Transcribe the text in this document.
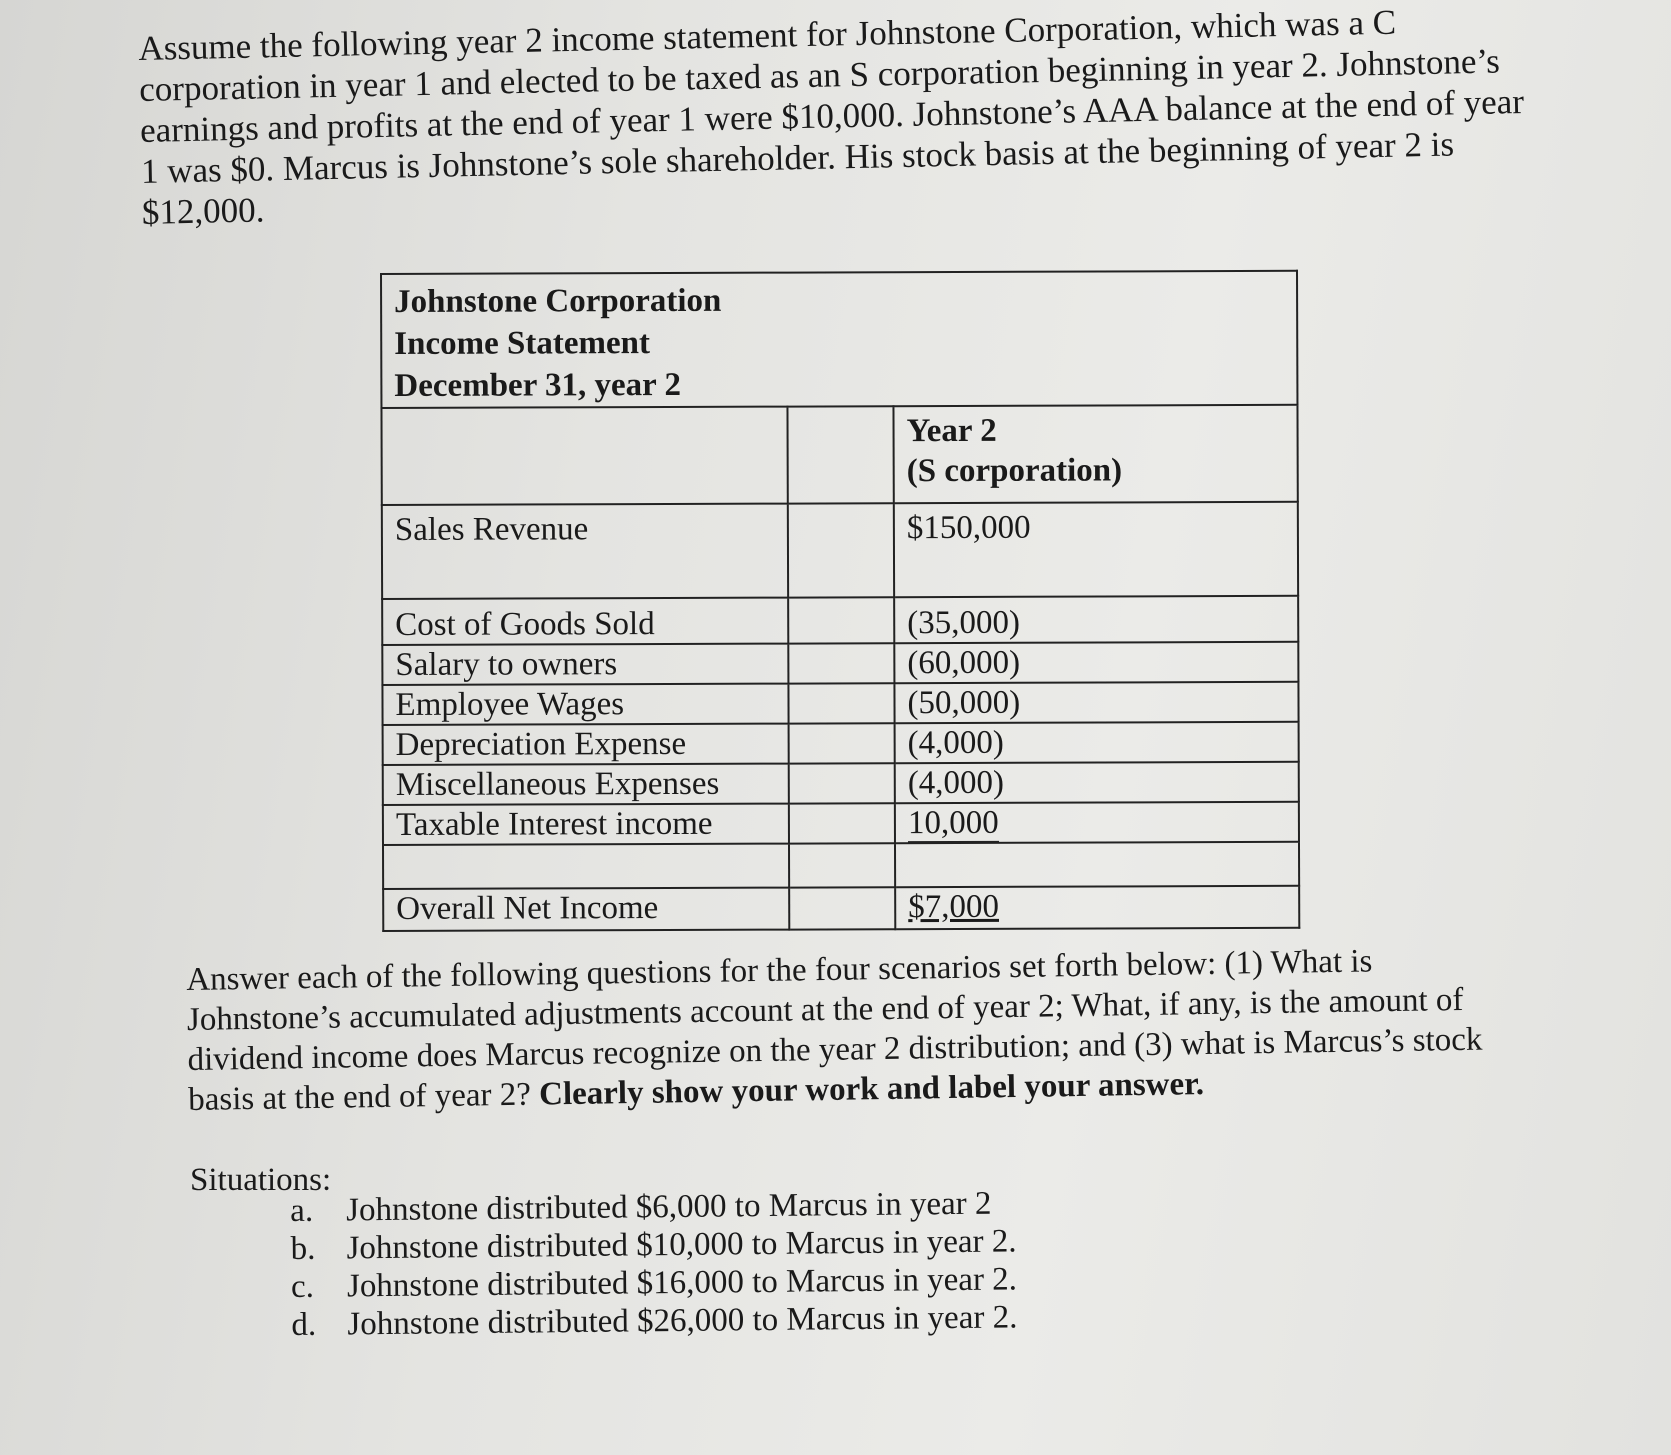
Assume the following year 2 income statement for Johnstone Corporation, which was a C corporation in year 1 and elected to be taxed as an S corporation beginning in year 2. Johnstone’s earnings and profits at the end of year 1 were $10,000. Johnstone’s AAA balance at the end of year 1 was $0. Marcus is Johnstone’s sole shareholder. His stock basis at the beginning of year 2 is $12,000.

Johnstone Corporation
Income Statement
December 31, year 2		

		Year 2
(S corporation)

Sales Revenue		$150,000
Cost of Goods Sold		(35,000)
Salary to owners		(60,000)
Employee Wages		(50,000)
Depreciation Expense		(4,000)
Miscellaneous Expenses		(4,000)
Taxable Interest income		10,000

Overall Net Income		$7,000

Answer each of the following questions for the four scenarios set forth below: (1) What is Johnstone’s accumulated adjustments account at the end of year 2; What, if any, is the amount of dividend income does Marcus recognize on the year 2 distribution; and (3) what is Marcus’s stock basis at the end of year 2? Clearly show your work and label your answer.

Situations:

a. Johnstone distributed $6,000 to Marcus in year 2
b. Johnstone distributed $10,000 to Marcus in year 2.
c. Johnstone distributed $16,000 to Marcus in year 2.
d. Johnstone distributed $26,000 to Marcus in year 2.
